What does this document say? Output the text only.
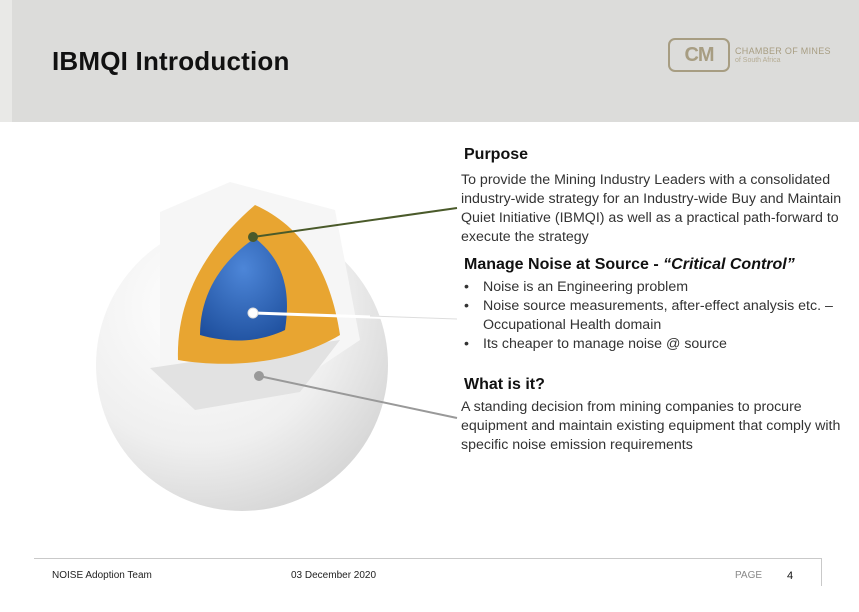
IBMQI Introduction	CM	CHAMBER OF MINES
of South Africa
Purpose
To provide the Mining Industry Leaders with a consolidated industry-wide strategy for an Industry-wide Buy and Maintain Quiet Initiative (IBMQI) as well as a practical path-forward to execute the strategy
Manage Noise at Source - “Critical Control”
• Noise is an Engineering problem
• Noise source measurements, after-effect analysis etc. – Occupational Health domain
• Its cheaper to manage noise @ source
What is it?
A standing decision from mining companies to procure equipment and maintain existing equipment that comply with specific noise emission requirements
NOISE Adoption Team	03 December 2020	PAGE 4
